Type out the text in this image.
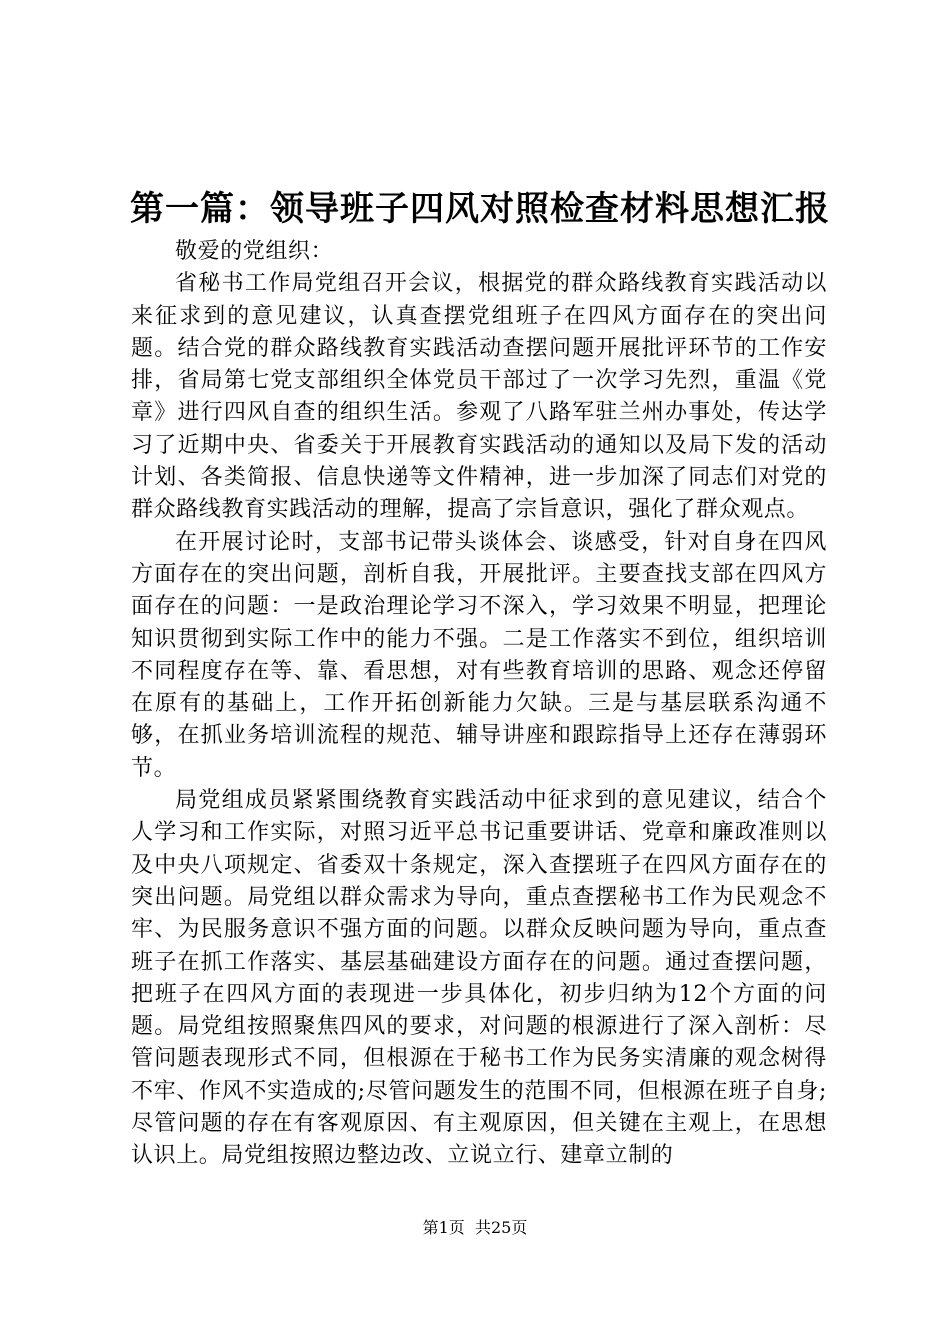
第一篇：领导班子四风对照检查材料思想汇报

敬爱的党组织：

省秘书工作局党组召开会议，根据党的群众路线教育实践活动以来征求到的意见建议，认真查摆党组班子在四风方面存在的突出问题。结合党的群众路线教育实践活动查摆问题开展批评环节的工作安排，省局第七党支部组织全体党员干部过了一次学习先烈，重温《党章》进行四风自查的组织生活。参观了八路军驻兰州办事处，传达学习了近期中央、省委关于开展教育实践活动的通知以及局下发的活动计划、各类简报、信息快递等文件精神，进一步加深了同志们对党的群众路线教育实践活动的理解，提高了宗旨意识，强化了群众观点。

在开展讨论时，支部书记带头谈体会、谈感受，针对自身在四风方面存在的突出问题，剖析自我，开展批评。主要查找支部在四风方面存在的问题：一是政治理论学习不深入，学习效果不明显，把理论知识贯彻到实际工作中的能力不强。二是工作落实不到位，组织培训不同程度存在等、靠、看思想，对有些教育培训的思路、观念还停留在原有的基础上，工作开拓创新能力欠缺。三是与基层联系沟通不够，在抓业务培训流程的规范、辅导讲座和跟踪指导上还存在薄弱环节。

局党组成员紧紧围绕教育实践活动中征求到的意见建议，结合个人学习和工作实际，对照习近平总书记重要讲话、党章和廉政准则以及中央八项规定、省委双十条规定，深入查摆班子在四风方面存在的突出问题。局党组以群众需求为导向，重点查摆秘书工作为民观念不牢、为民服务意识不强方面的问题。以群众反映问题为导向，重点查班子在抓工作落实、基层基础建设方面存在的问题。通过查摆问题，把班子在四风方面的表现进一步具体化，初步归纳为12个方面的问题。局党组按照聚焦四风的要求，对问题的根源进行了深入剖析：尽管问题表现形式不同，但根源在于秘书工作为民务实清廉的观念树得不牢、作风不实造成的;尽管问题发生的范围不同，但根源在班子自身;尽管问题的存在有客观原因、有主观原因，但关键在主观上，在思想认识上。局党组按照边整边改、立说立行、建章立制的

第1页 共25页
